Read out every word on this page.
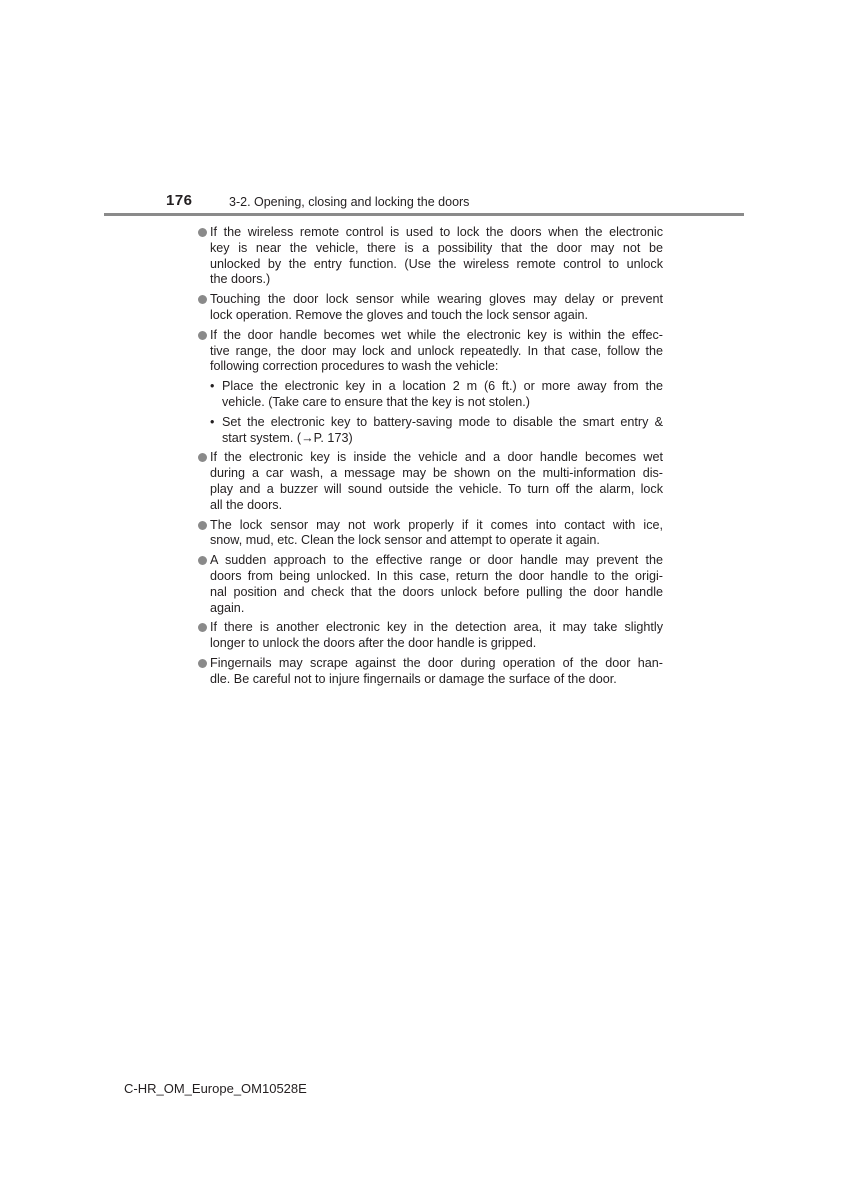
176	3-2. Opening, closing and locking the doors
If the wireless remote control is used to lock the doors when the electronic
key is near the vehicle, there is a possibility that the door may not be
unlocked by the entry function. (Use the wireless remote control to unlock
the doors.)
Touching the door lock sensor while wearing gloves may delay or prevent
lock operation. Remove the gloves and touch the lock sensor again.
If the door handle becomes wet while the electronic key is within the effec-
tive range, the door may lock and unlock repeatedly. In that case, follow the
following correction procedures to wash the vehicle:
• Place the electronic key in a location 2 m (6 ft.) or more away from the
vehicle. (Take care to ensure that the key is not stolen.)
• Set the electronic key to battery-saving mode to disable the smart entry &
start system. (→P. 173)
If the electronic key is inside the vehicle and a door handle becomes wet
during a car wash, a message may be shown on the multi-information dis-
play and a buzzer will sound outside the vehicle. To turn off the alarm, lock
all the doors.
The lock sensor may not work properly if it comes into contact with ice,
snow, mud, etc. Clean the lock sensor and attempt to operate it again.
A sudden approach to the effective range or door handle may prevent the
doors from being unlocked. In this case, return the door handle to the origi-
nal position and check that the doors unlock before pulling the door handle
again.
If there is another electronic key in the detection area, it may take slightly
longer to unlock the doors after the door handle is gripped.
Fingernails may scrape against the door during operation of the door han-
dle. Be careful not to injure fingernails or damage the surface of the door.
C-HR_OM_Europe_OM10528E
